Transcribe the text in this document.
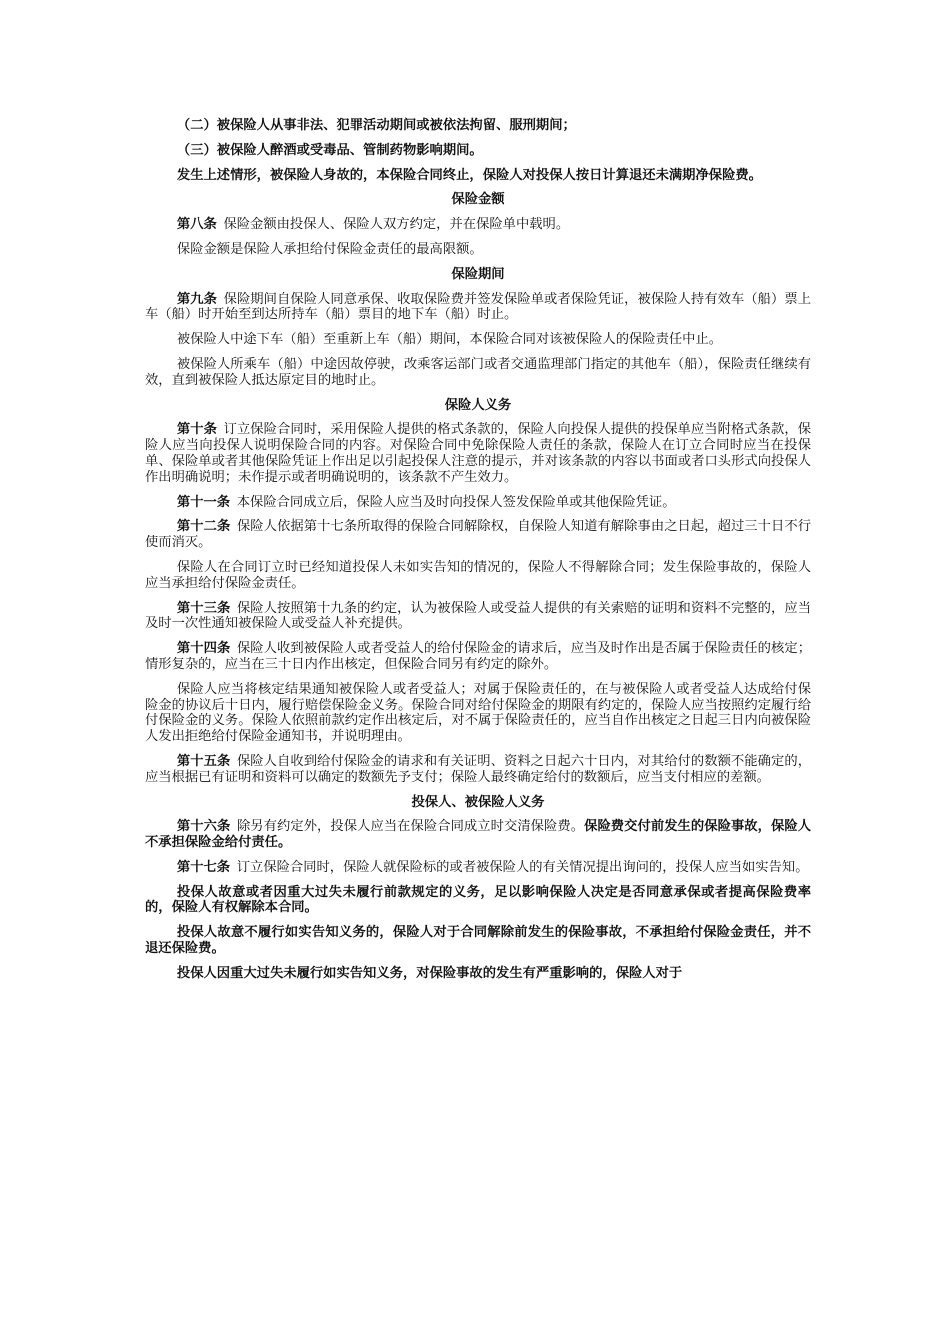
（二）被保险人从事非法、犯罪活动期间或被依法拘留、服刑期间；

（三）被保险人醉酒或受毒品、管制药物影响期间。

发生上述情形，被保险人身故的，本保险合同终止，保险人对投保人按日计算退还未满期净保险费。

保险金额

第八条 保险金额由投保人、保险人双方约定，并在保险单中载明。

保险金额是保险人承担给付保险金责任的最高限额。

保险期间

第九条 保险期间自保险人同意承保、收取保险费并签发保险单或者保险凭证，被保险人持有效车（船）票上车（船）时开始至到达所持车（船）票目的地下车（船）时止。

被保险人中途下车（船）至重新上车（船）期间，本保险合同对该被保险人的保险责任中止。

被保险人所乘车（船）中途因故停驶，改乘客运部门或者交通监理部门指定的其他车（船），保险责任继续有效，直到被保险人抵达原定目的地时止。

保险人义务

第十条 订立保险合同时，采用保险人提供的格式条款的，保险人向投保人提供的投保单应当附格式条款，保险人应当向投保人说明保险合同的内容。对保险合同中免除保险人责任的条款，保险人在订立合同时应当在投保单、保险单或者其他保险凭证上作出足以引起投保人注意的提示，并对该条款的内容以书面或者口头形式向投保人作出明确说明；未作提示或者明确说明的，该条款不产生效力。

第十一条 本保险合同成立后，保险人应当及时向投保人签发保险单或其他保险凭证。

第十二条 保险人依据第十七条所取得的保险合同解除权，自保险人知道有解除事由之日起，超过三十日不行使而消灭。

保险人在合同订立时已经知道投保人未如实告知的情况的，保险人不得解除合同；发生保险事故的，保险人应当承担给付保险金责任。

第十三条 保险人按照第十九条的约定，认为被保险人或受益人提供的有关索赔的证明和资料不完整的，应当及时一次性通知被保险人或受益人补充提供。

第十四条 保险人收到被保险人或者受益人的给付保险金的请求后，应当及时作出是否属于保险责任的核定；情形复杂的，应当在三十日内作出核定，但保险合同另有约定的除外。

保险人应当将核定结果通知被保险人或者受益人；对属于保险责任的，在与被保险人或者受益人达成给付保险金的协议后十日内，履行赔偿保险金义务。保险合同对给付保险金的期限有约定的，保险人应当按照约定履行给付保险金的义务。保险人依照前款约定作出核定后，对不属于保险责任的，应当自作出核定之日起三日内向被保险人发出拒绝给付保险金通知书，并说明理由。

第十五条 保险人自收到给付保险金的请求和有关证明、资料之日起六十日内，对其给付的数额不能确定的，应当根据已有证明和资料可以确定的数额先予支付；保险人最终确定给付的数额后，应当支付相应的差额。

投保人、被保险人义务

第十六条 除另有约定外，投保人应当在保险合同成立时交清保险费。保险费交付前发生的保险事故，保险人不承担保险金给付责任。

第十七条 订立保险合同时，保险人就保险标的或者被保险人的有关情况提出询问的，投保人应当如实告知。

投保人故意或者因重大过失未履行前款规定的义务，足以影响保险人决定是否同意承保或者提高保险费率的，保险人有权解除本合同。

投保人故意不履行如实告知义务的，保险人对于合同解除前发生的保险事故，不承担给付保险金责任，并不退还保险费。

投保人因重大过失未履行如实告知义务，对保险事故的发生有严重影响的，保险人对于
